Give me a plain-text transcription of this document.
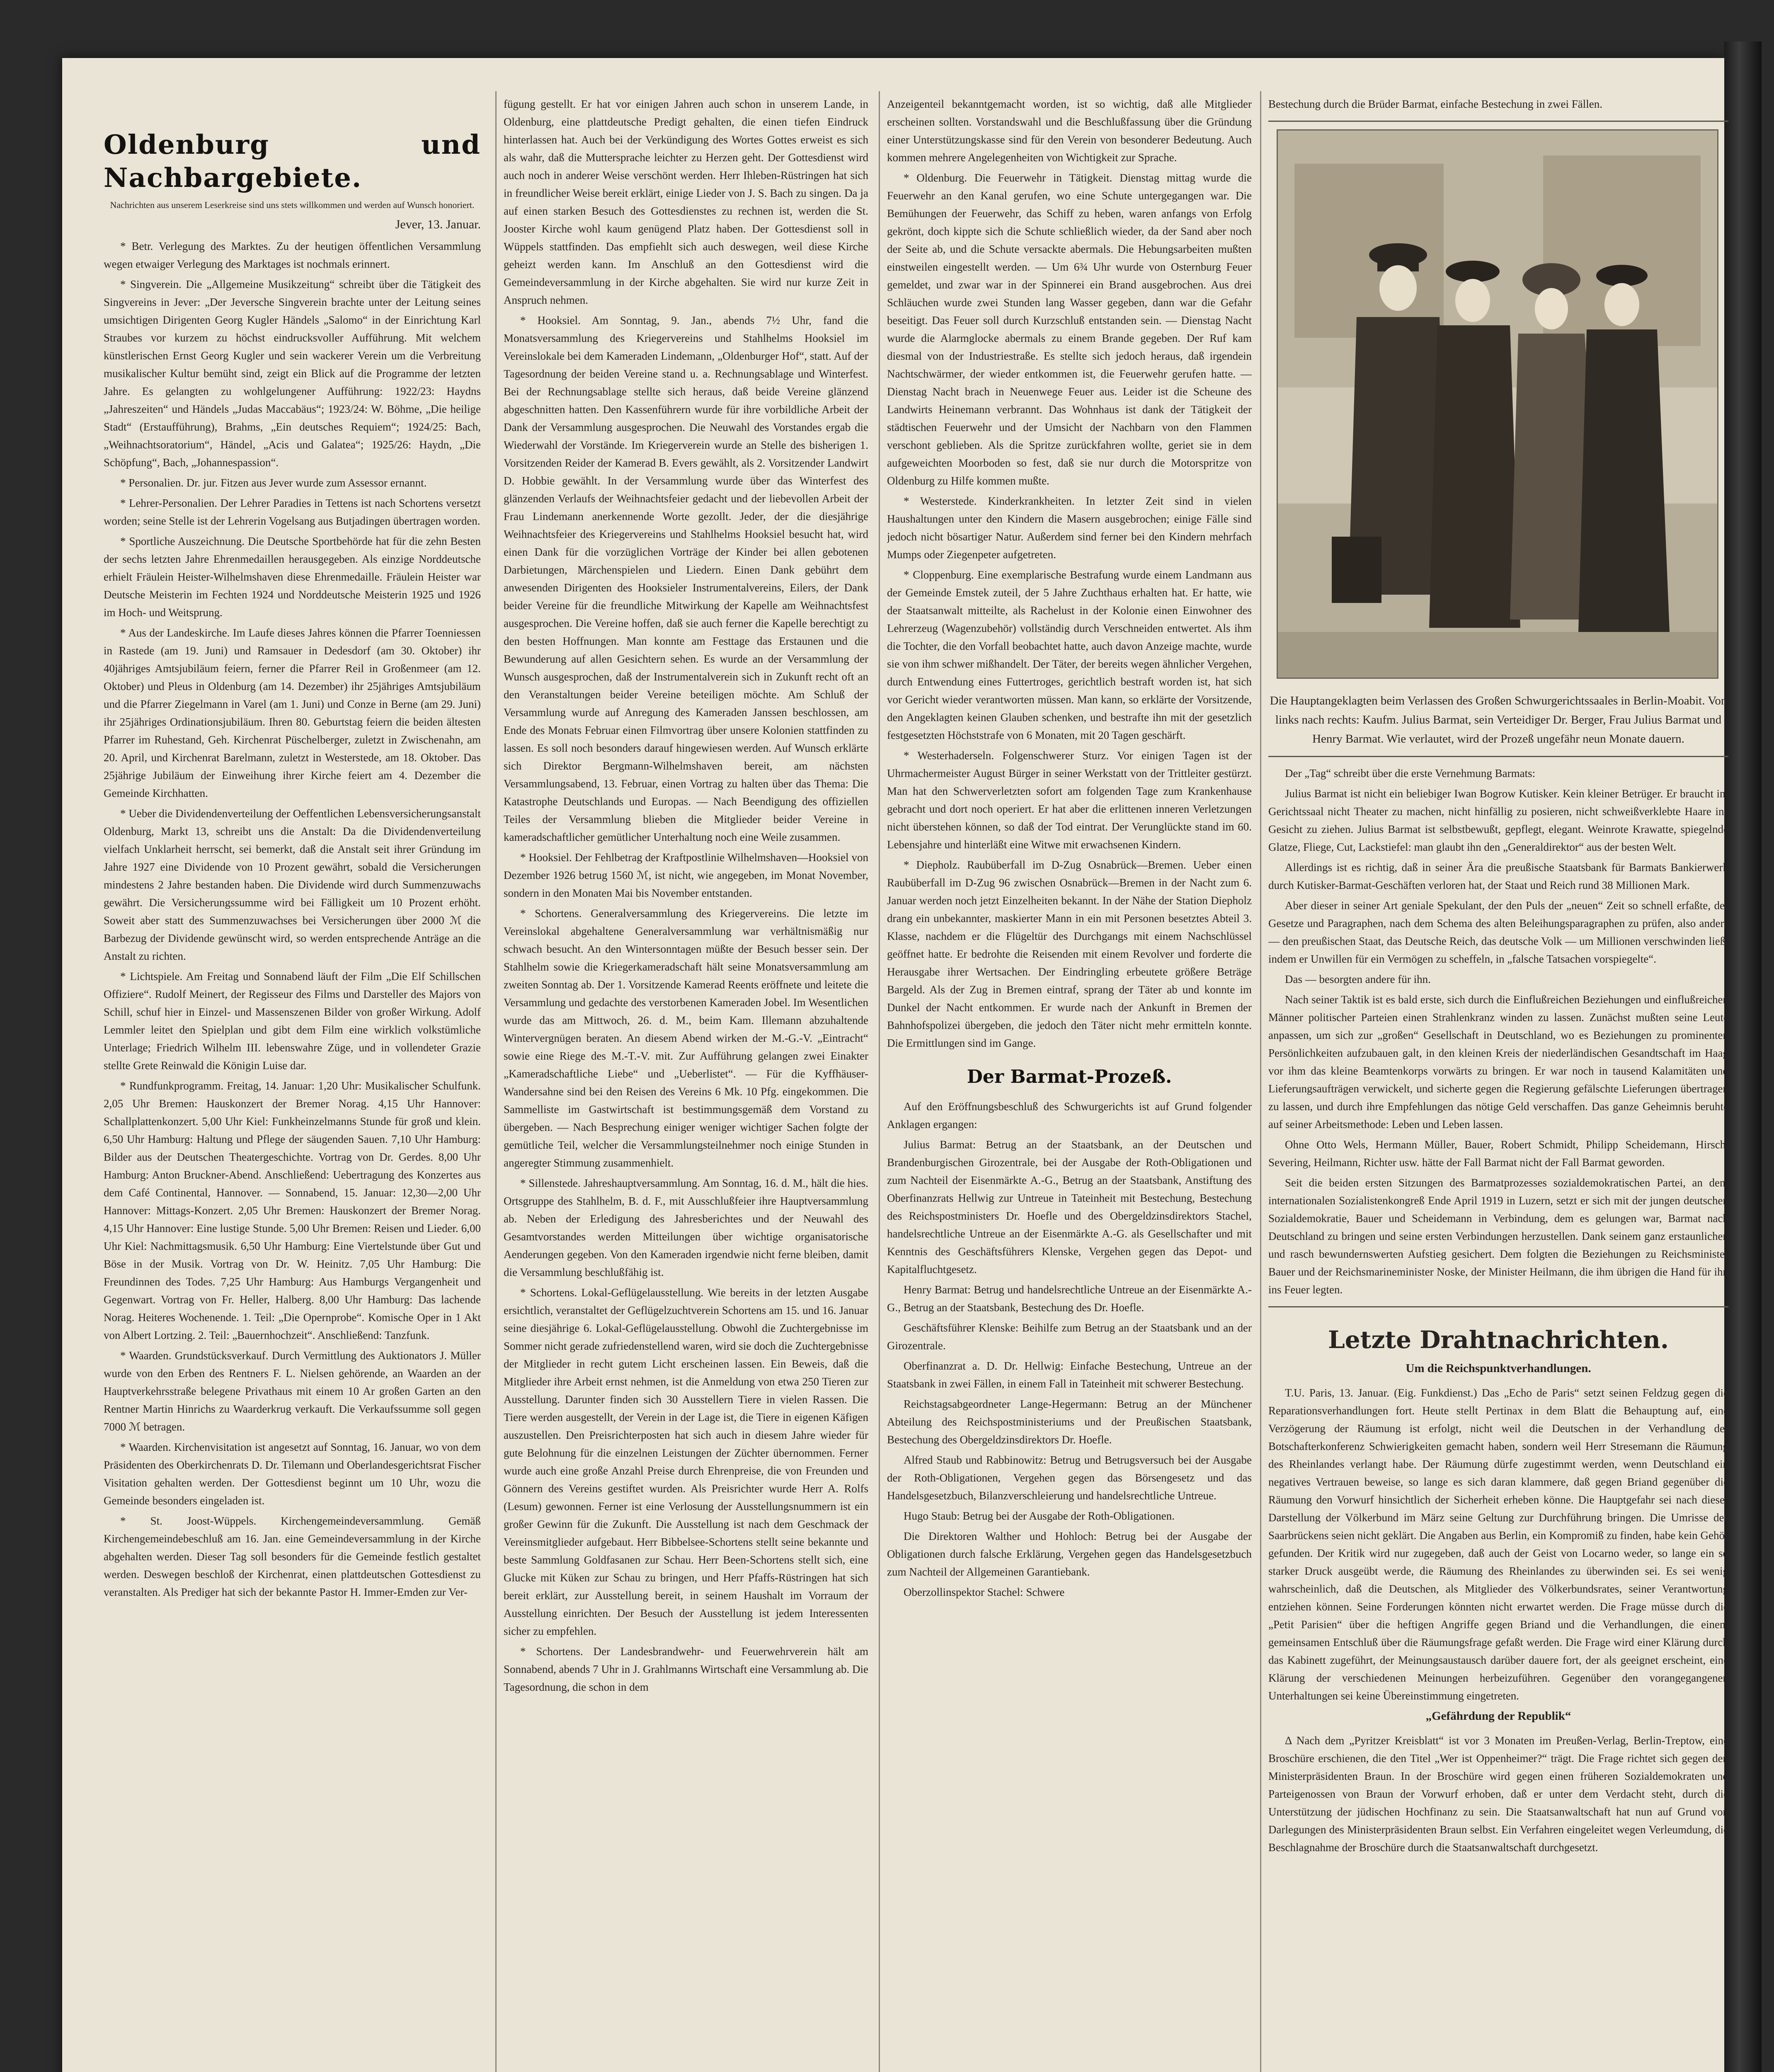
Oldenburg und Nachbargebiete.

Nachrichten aus unserem Leserkreise sind uns stets willkommen und werden auf Wunsch honoriert.

Jever, 13. Januar.

* Betr. Verlegung des Marktes. Zu der heutigen öffentlichen Versammlung wegen etwaiger Verlegung des Marktages ist nochmals erinnert.

* Singverein. Die „Allgemeine Musikzeitung“ schreibt über die Tätigkeit des Singvereins in Jever: „Der Jeversche Singverein brachte unter der Leitung seines umsichtigen Dirigenten Georg Kugler Händels „Salomo“ in der Einrichtung Karl Straubes vor kurzem zu höchst eindrucksvoller Aufführung. Mit welchem künstlerischen Ernst Georg Kugler und sein wackerer Verein um die Verbreitung musikalischer Kultur bemüht sind, zeigt ein Blick auf die Programme der letzten Jahre. Es gelangten zu wohlgelungener Aufführung: 1922/23: Haydns „Jahreszeiten“ und Händels „Judas Maccabäus“; 1923/24: W. Böhme, „Die heilige Stadt“ (Erstaufführung), Brahms, „Ein deutsches Requiem“; 1924/25: Bach, „Weihnachtsoratorium“, Händel, „Acis und Galatea“; 1925/26: Haydn, „Die Schöpfung“, Bach, „Johannespassion“.

* Personalien. Dr. jur. Fitzen aus Jever wurde zum Assessor ernannt.

* Lehrer-Personalien. Der Lehrer Paradies in Tettens ist nach Schortens versetzt worden; seine Stelle ist der Lehrerin Vogelsang aus Butjadingen übertragen worden.

* Sportliche Auszeichnung. Die Deutsche Sportbehörde hat für die zehn Besten der sechs letzten Jahre Ehrenmedaillen herausgegeben. Als einzige Norddeutsche erhielt Fräulein Heister-Wilhelmshaven diese Ehrenmedaille. Fräulein Heister war Deutsche Meisterin im Fechten 1924 und Norddeutsche Meisterin 1925 und 1926 im Hoch- und Weitsprung.

* Aus der Landeskirche. Im Laufe dieses Jahres können die Pfarrer Toenniessen in Rastede (am 19. Juni) und Ramsauer in Dedesdorf (am 30. Oktober) ihr 40jähriges Amtsjubiläum feiern, ferner die Pfarrer Reil in Großenmeer (am 12. Oktober) und Pleus in Oldenburg (am 14. Dezember) ihr 25jähriges Amtsjubiläum und die Pfarrer Ziegelmann in Varel (am 1. Juni) und Conze in Berne (am 29. Juni) ihr 25jähriges Ordinationsjubiläum. Ihren 80. Geburtstag feiern die beiden ältesten Pfarrer im Ruhestand, Geh. Kirchenrat Püschelberger, zuletzt in Zwischenahn, am 20. April, und Kirchenrat Barelmann, zuletzt in Westerstede, am 18. Oktober. Das 25jährige Jubiläum der Einweihung ihrer Kirche feiert am 4. Dezember die Gemeinde Kirchhatten.

* Ueber die Dividendenverteilung der Oeffentlichen Lebensversicherungsanstalt Oldenburg, Markt 13, schreibt uns die Anstalt: Da die Dividendenverteilung vielfach Unklarheit herrscht, sei bemerkt, daß die Anstalt seit ihrer Gründung im Jahre 1927 eine Dividende von 10 Prozent gewährt, sobald die Versicherungen mindestens 2 Jahre bestanden haben. Die Dividende wird durch Summenzuwachs gewährt. Die Versicherungssumme wird bei Fälligkeit um 10 Prozent erhöht. Soweit aber statt des Summenzuwachses bei Versicherungen über 2000 ℳ die Barbezug der Dividende gewünscht wird, so werden entsprechende Anträge an die Anstalt zu richten.

* Lichtspiele. Am Freitag und Sonnabend läuft der Film „Die Elf Schillschen Offiziere“. Rudolf Meinert, der Regisseur des Films und Darsteller des Majors von Schill, schuf hier in Einzel- und Massenszenen Bilder von großer Wirkung. Adolf Lemmler leitet den Spielplan und gibt dem Film eine wirklich volkstümliche Unterlage; Friedrich Wilhelm III. lebenswahre Züge, und in vollendeter Grazie stellte Grete Reinwald die Königin Luise dar.

* Rundfunkprogramm. Freitag, 14. Januar: 1,20 Uhr: Musikalischer Schulfunk. 2,05 Uhr Bremen: Hauskonzert der Bremer Norag. 4,15 Uhr Hannover: Schallplattenkonzert. 5,00 Uhr Kiel: Funkheinzelmanns Stunde für groß und klein. 6,50 Uhr Hamburg: Haltung und Pflege der säugenden Sauen. 7,10 Uhr Hamburg: Bilder aus der Deutschen Theatergeschichte. Vortrag von Dr. Gerdes. 8,00 Uhr Hamburg: Anton Bruckner-Abend. Anschließend: Uebertragung des Konzertes aus dem Café Continental, Hannover. — Sonnabend, 15. Januar: 12,30—2,00 Uhr Hannover: Mittags-Konzert. 2,05 Uhr Bremen: Hauskonzert der Bremer Norag. 4,15 Uhr Hannover: Eine lustige Stunde. 5,00 Uhr Bremen: Reisen und Lieder. 6,00 Uhr Kiel: Nachmittagsmusik. 6,50 Uhr Hamburg: Eine Viertelstunde über Gut und Böse in der Musik. Vortrag von Dr. W. Heinitz. 7,05 Uhr Hamburg: Die Freundinnen des Todes. 7,25 Uhr Hamburg: Aus Hamburgs Vergangenheit und Gegenwart. Vortrag von Fr. Heller, Halberg. 8,00 Uhr Hamburg: Das lachende Norag. Heiteres Wochenende. 1. Teil: „Die Opernprobe“. Komische Oper in 1 Akt von Albert Lortzing. 2. Teil: „Bauernhochzeit“. Anschließend: Tanzfunk.

* Waarden. Grundstücksverkauf. Durch Vermittlung des Auktionators J. Müller wurde von den Erben des Rentners F. L. Nielsen gehörende, an Waarden an der Hauptverkehrsstraße belegene Privathaus mit einem 10 Ar großen Garten an den Rentner Martin Hinrichs zu Waarderkrug verkauft. Die Verkaufssumme soll gegen 7000 ℳ betragen.

* Waarden. Kirchenvisitation ist angesetzt auf Sonntag, 16. Januar, wo von dem Präsidenten des Oberkirchenrats D. Dr. Tilemann und Oberlandesgerichtsrat Fischer Visitation gehalten werden. Der Gottesdienst beginnt um 10 Uhr, wozu die Gemeinde besonders eingeladen ist.

* St. Joost-Wüppels. Kirchengemeindeversammlung. Gemäß Kirchengemeindebeschluß am 16. Jan. eine Gemeindeversammlung in der Kirche abgehalten werden. Dieser Tag soll besonders für die Gemeinde festlich gestaltet werden. Deswegen beschloß der Kirchenrat, einen plattdeutschen Gottesdienst zu veranstalten. Als Prediger hat sich der bekannte Pastor H. Immer-Emden zur Ver-

fügung gestellt. Er hat vor einigen Jahren auch schon in unserem Lande, in Oldenburg, eine plattdeutsche Predigt gehalten, die einen tiefen Eindruck hinterlassen hat. Auch bei der Verkündigung des Wortes Gottes erweist es sich als wahr, daß die Muttersprache leichter zu Herzen geht. Der Gottesdienst wird auch noch in anderer Weise verschönt werden. Herr Ihleben-Rüstringen hat sich in freundlicher Weise bereit erklärt, einige Lieder von J. S. Bach zu singen. Da ja auf einen starken Besuch des Gottesdienstes zu rechnen ist, werden die St. Jooster Kirche wohl kaum genügend Platz haben. Der Gottesdienst soll in Wüppels stattfinden. Das empfiehlt sich auch deswegen, weil diese Kirche geheizt werden kann. Im Anschluß an den Gottesdienst wird die Gemeindeversammlung in der Kirche abgehalten. Sie wird nur kurze Zeit in Anspruch nehmen.

* Hooksiel. Am Sonntag, 9. Jan., abends 7½ Uhr, fand die Monatsversammlung des Kriegervereins und Stahlhelms Hooksiel im Vereinslokale bei dem Kameraden Lindemann, „Oldenburger Hof“, statt. Auf der Tagesordnung der beiden Vereine stand u. a. Rechnungsablage und Winterfest. Bei der Rechnungsablage stellte sich heraus, daß beide Vereine glänzend abgeschnitten hatten. Den Kassenführern wurde für ihre vorbildliche Arbeit der Dank der Versammlung ausgesprochen. Die Neuwahl des Vorstandes ergab die Wiederwahl der Vorstände. Im Kriegerverein wurde an Stelle des bisherigen 1. Vorsitzenden Reider der Kamerad B. Evers gewählt, als 2. Vorsitzender Landwirt D. Hobbie gewählt. In der Versammlung wurde über das Winterfest des glänzenden Verlaufs der Weihnachtsfeier gedacht und der liebevollen Arbeit der Frau Lindemann anerkennende Worte gezollt. Jeder, der die diesjährige Weihnachtsfeier des Kriegervereins und Stahlhelms Hooksiel besucht hat, wird einen Dank für die vorzüglichen Vorträge der Kinder bei allen gebotenen Darbietungen, Märchenspielen und Liedern. Einen Dank gebührt dem anwesenden Dirigenten des Hooksieler Instrumentalvereins, Eilers, der Dank beider Vereine für die freundliche Mitwirkung der Kapelle am Weihnachtsfest ausgesprochen. Die Vereine hoffen, daß sie auch ferner die Kapelle berechtigt zu den besten Hoffnungen. Man konnte am Festtage das Erstaunen und die Bewunderung auf allen Gesichtern sehen. Es wurde an der Versammlung der Wunsch ausgesprochen, daß der Instrumentalverein sich in Zukunft recht oft an den Veranstaltungen beider Vereine beteiligen möchte. Am Schluß der Versammlung wurde auf Anregung des Kameraden Janssen beschlossen, am Ende des Monats Februar einen Filmvortrag über unsere Kolonien stattfinden zu lassen. Es soll noch besonders darauf hingewiesen werden. Auf Wunsch erklärte sich Direktor Bergmann-Wilhelmshaven bereit, am nächsten Versammlungsabend, 13. Februar, einen Vortrag zu halten über das Thema: Die Katastrophe Deutschlands und Europas. — Nach Beendigung des offiziellen Teiles der Versammlung blieben die Mitglieder beider Vereine in kameradschaftlicher gemütlicher Unterhaltung noch eine Weile zusammen.

* Hooksiel. Der Fehlbetrag der Kraftpostlinie Wilhelmshaven—Hooksiel von Dezember 1926 betrug 1560 ℳ, ist nicht, wie angegeben, im Monat November, sondern in den Monaten Mai bis November entstanden.

* Schortens. Generalversammlung des Kriegervereins. Die letzte im Vereinslokal abgehaltene Generalversammlung war verhältnismäßig nur schwach besucht. An den Wintersonntagen müßte der Besuch besser sein. Der Stahlhelm sowie die Kriegerkameradschaft hält seine Monatsversammlung am zweiten Sonntag ab. Der 1. Vorsitzende Kamerad Reents eröffnete und leitete die Versammlung und gedachte des verstorbenen Kameraden Jobel. Im Wesentlichen wurde das am Mittwoch, 26. d. M., beim Kam. Illemann abzuhaltende Wintervergnügen beraten. An diesem Abend wirken der M.-G.-V. „Eintracht“ sowie eine Riege des M.-T.-V. mit. Zur Aufführung gelangen zwei Einakter „Kameradschaftliche Liebe“ und „Ueberlistet“. — Für die Kyffhäuser-Wandersahne sind bei den Reisen des Vereins 6 Mk. 10 Pfg. eingekommen. Die Sammelliste im Gastwirtschaft ist bestimmungsgemäß dem Vorstand zu übergeben. — Nach Besprechung einiger weniger wichtiger Sachen folgte der gemütliche Teil, welcher die Versammlungsteilnehmer noch einige Stunden in angeregter Stimmung zusammenhielt.

* Sillenstede. Jahreshauptversammlung. Am Sonntag, 16. d. M., hält die hies. Ortsgruppe des Stahlhelm, B. d. F., mit Ausschlußfeier ihre Hauptversammlung ab. Neben der Erledigung des Jahresberichtes und der Neuwahl des Gesamtvorstandes werden Mitteilungen über wichtige organisatorische Aenderungen gegeben. Von den Kameraden irgendwie nicht ferne bleiben, damit die Versammlung beschlußfähig ist.

* Schortens. Lokal-Geflügelausstellung. Wie bereits in der letzten Ausgabe ersichtlich, veranstaltet der Geflügelzuchtverein Schortens am 15. und 16. Januar seine diesjährige 6. Lokal-Geflügelausstellung. Obwohl die Zuchtergebnisse im Sommer nicht gerade zufriedenstellend waren, wird sie doch die Zuchtergebnisse der Mitglieder in recht gutem Licht erscheinen lassen. Ein Beweis, daß die Mitglieder ihre Arbeit ernst nehmen, ist die Anmeldung von etwa 250 Tieren zur Ausstellung. Darunter finden sich 30 Ausstellern Tiere in vielen Rassen. Die Tiere werden ausgestellt, der Verein in der Lage ist, die Tiere in eigenen Käfigen auszustellen. Den Preisrichterposten hat sich auch in diesem Jahre wieder für gute Belohnung für die einzelnen Leistungen der Züchter übernommen. Ferner wurde auch eine große Anzahl Preise durch Ehrenpreise, die von Freunden und Gönnern des Vereins gestiftet wurden. Als Preisrichter wurde Herr A. Rolfs (Lesum) gewonnen. Ferner ist eine Verlosung der Ausstellungsnummern ist ein großer Gewinn für die Zukunft. Die Ausstellung ist nach dem Geschmack der Vereinsmitglieder aufgebaut. Herr Bibbelsee-Schortens stellt seine bekannte und beste Sammlung Goldfasanen zur Schau. Herr Been-Schortens stellt sich, eine Glucke mit Küken zur Schau zu bringen, und Herr Pfaffs-Rüstringen hat sich bereit erklärt, zur Ausstellung bereit, in seinem Haushalt im Vorraum der Ausstellung einrichten. Der Besuch der Ausstellung ist jedem Interessenten sicher zu empfehlen.

* Schortens. Der Landesbrandwehr- und Feuerwehrverein hält am Sonnabend, abends 7 Uhr in J. Grahlmanns Wirtschaft eine Versammlung ab. Die Tagesordnung, die schon in dem

Anzeigenteil bekanntgemacht worden, ist so wichtig, daß alle Mitglieder erscheinen sollten. Vorstandswahl und die Beschlußfassung über die Gründung einer Unterstützungskasse sind für den Verein von besonderer Bedeutung. Auch kommen mehrere Angelegenheiten von Wichtigkeit zur Sprache.

* Oldenburg. Die Feuerwehr in Tätigkeit. Dienstag mittag wurde die Feuerwehr an den Kanal gerufen, wo eine Schute untergegangen war. Die Bemühungen der Feuerwehr, das Schiff zu heben, waren anfangs von Erfolg gekrönt, doch kippte sich die Schute schließlich wieder, da der Sand aber noch der Seite ab, und die Schute versackte abermals. Die Hebungsarbeiten mußten einstweilen eingestellt werden. — Um 6¾ Uhr wurde von Osternburg Feuer gemeldet, und zwar war in der Spinnerei ein Brand ausgebrochen. Aus drei Schläuchen wurde zwei Stunden lang Wasser gegeben, dann war die Gefahr beseitigt. Das Feuer soll durch Kurzschluß entstanden sein. — Dienstag Nacht wurde die Alarmglocke abermals zu einem Brande gegeben. Der Ruf kam diesmal von der Industriestraße. Es stellte sich jedoch heraus, daß irgendein Nachtschwärmer, der wieder entkommen ist, die Feuerwehr gerufen hatte. — Dienstag Nacht brach in Neuenwege Feuer aus. Leider ist die Scheune des Landwirts Heinemann verbrannt. Das Wohnhaus ist dank der Tätigkeit der städtischen Feuerwehr und der Umsicht der Nachbarn von den Flammen verschont geblieben. Als die Spritze zurückfahren wollte, geriet sie in dem aufgeweichten Moorboden so fest, daß sie nur durch die Motorspritze von Oldenburg zu Hilfe kommen mußte.

* Westerstede. Kinderkrankheiten. In letzter Zeit sind in vielen Haushaltungen unter den Kindern die Masern ausgebrochen; einige Fälle sind jedoch nicht bösartiger Natur. Außerdem sind ferner bei den Kindern mehrfach Mumps oder Ziegenpeter aufgetreten.

* Cloppenburg. Eine exemplarische Bestrafung wurde einem Landmann aus der Gemeinde Emstek zuteil, der 5 Jahre Zuchthaus erhalten hat. Er hatte, wie der Staatsanwalt mitteilte, als Rachelust in der Kolonie einen Einwohner des Lehrerzeug (Wagenzubehör) vollständig durch Verschneiden entwertet. Als ihm die Tochter, die den Vorfall beobachtet hatte, auch davon Anzeige machte, wurde sie von ihm schwer mißhandelt. Der Täter, der bereits wegen ähnlicher Vergehen, durch Entwendung eines Futtertroges, gerichtlich bestraft worden ist, hat sich vor Gericht wieder verantworten müssen. Man kann, so erklärte der Vorsitzende, den Angeklagten keinen Glauben schenken, und bestrafte ihn mit der gesetzlich festgesetzten Höchststrafe von 6 Monaten, mit 20 Tagen geschärft.

* Westerhaderseln. Folgenschwerer Sturz. Vor einigen Tagen ist der Uhrmachermeister August Bürger in seiner Werkstatt von der Trittleiter gestürzt. Man hat den Schwerverletzten sofort am folgenden Tage zum Krankenhause gebracht und dort noch operiert. Er hat aber die erlittenen inneren Verletzungen nicht überstehen können, so daß der Tod eintrat. Der Verunglückte stand im 60. Lebensjahre und hinterläßt eine Witwe mit erwachsenen Kindern.

* Diepholz. Raubüberfall im D-Zug Osnabrück—Bremen. Ueber einen Raubüberfall im D-Zug 96 zwischen Osnabrück—Bremen in der Nacht zum 6. Januar werden noch jetzt Einzelheiten bekannt. In der Nähe der Station Diepholz drang ein unbekannter, maskierter Mann in ein mit Personen besetztes Abteil 3. Klasse, nachdem er die Flügeltür des Durchgangs mit einem Nachschlüssel geöffnet hatte. Er bedrohte die Reisenden mit einem Revolver und forderte die Herausgabe ihrer Wertsachen. Der Eindringling erbeutete größere Beträge Bargeld. Als der Zug in Bremen eintraf, sprang der Täter ab und konnte im Dunkel der Nacht entkommen. Er wurde nach der Ankunft in Bremen der Bahnhofspolizei übergeben, die jedoch den Täter nicht mehr ermitteln konnte. Die Ermittlungen sind im Gange.

Der Barmat-Prozeß.

Auf den Eröffnungsbeschluß des Schwurgerichts ist auf Grund folgender Anklagen ergangen:

Julius Barmat: Betrug an der Staatsbank, an der Deutschen und Brandenburgischen Girozentrale, bei der Ausgabe der Roth-Obligationen und zum Nachteil der Eisenmärkte A.-G., Betrug an der Staatsbank, Anstiftung des Oberfinanzrats Hellwig zur Untreue in Tateinheit mit Bestechung, Bestechung des Reichspostministers Dr. Hoefle und des Obergeldzinsdirektors Stachel, handelsrechtliche Untreue an der Eisenmärkte A.-G. als Gesellschafter und mit Kenntnis des Geschäftsführers Klenske, Vergehen gegen das Depot- und Kapitalfluchtgesetz.

Henry Barmat: Betrug und handelsrechtliche Untreue an der Eisenmärkte A.-G., Betrug an der Staatsbank, Bestechung des Dr. Hoefle.

Geschäftsführer Klenske: Beihilfe zum Betrug an der Staatsbank und an der Girozentrale.

Oberfinanzrat a. D. Dr. Hellwig: Einfache Bestechung, Untreue an der Staatsbank in zwei Fällen, in einem Fall in Tateinheit mit schwerer Bestechung.

Reichstagsabgeordneter Lange-Hegermann: Betrug an der Münchener Abteilung des Reichspostministeriums und der Preußischen Staatsbank, Bestechung des Obergeldzinsdirektors Dr. Hoefle.

Alfred Staub und Rabbinowitz: Betrug und Betrugsversuch bei der Ausgabe der Roth-Obligationen, Vergehen gegen das Börsengesetz und das Handelsgesetzbuch, Bilanzverschleierung und handelsrechtliche Untreue.

Hugo Staub: Betrug bei der Ausgabe der Roth-Obligationen.

Die Direktoren Walther und Hohloch: Betrug bei der Ausgabe der Obligationen durch falsche Erklärung, Vergehen gegen das Handelsgesetzbuch zum Nachteil der Allgemeinen Garantiebank.

Oberzollinspektor Stachel: Schwere

Bestechung durch die Brüder Barmat, einfache Bestechung in zwei Fällen.

Die Hauptangeklagten beim Verlassen des Großen Schwurgerichtssaales in Berlin-Moabit. Von links nach rechts: Kaufm. Julius Barmat, sein Verteidiger Dr. Berger, Frau Julius Barmat und Henry Barmat. Wie verlautet, wird der Prozeß ungefähr neun Monate dauern.

Der „Tag“ schreibt über die erste Vernehmung Barmats:

Julius Barmat ist nicht ein beliebiger Iwan Bogrow Kutisker. Kein kleiner Betrüger. Er braucht im Gerichtssaal nicht Theater zu machen, nicht hinfällig zu posieren, nicht schweißverklebte Haare ins Gesicht zu ziehen. Julius Barmat ist selbstbewußt, gepflegt, elegant. Weinrote Krawatte, spiegelnde Glatze, Fliege, Cut, Lackstiefel: man glaubt ihn den „Generaldirektor“ aus der besten Welt.

Allerdings ist es richtig, daß in seiner Ära die preußische Staatsbank für Barmats Bankierwerk durch Kutisker-Barmat-Geschäften verloren hat, der Staat und Reich rund 38 Millionen Mark.

Aber dieser in seiner Art geniale Spekulant, der den Puls der „neuen“ Zeit so schnell erfaßte, der Gesetze und Paragraphen, nach dem Schema des alten Beleihungsparagraphen zu prüfen, also anders — den preußischen Staat, das Deutsche Reich, das deutsche Volk — um Millionen verschwinden ließ, indem er Unwillen für ein Vermögen zu scheffeln, in „falsche Tatsachen vorspiegelte“.

Das — besorgten andere für ihn.

Nach seiner Taktik ist es bald erste, sich durch die Einflußreichen Beziehungen und einflußreichen Männer politischer Parteien einen Strahlenkranz winden zu lassen. Zunächst mußten seine Leute anpassen, um sich zur „großen“ Gesellschaft in Deutschland, wo es Beziehungen zu prominenten Persönlichkeiten aufzubauen galt, in den kleinen Kreis der niederländischen Gesandtschaft im Haag vor ihm das kleine Beamtenkorps vorwärts zu bringen. Er war noch in tausend Kalamitäten und Lieferungsaufträgen verwickelt, und sicherte gegen die Regierung gefälschte Lieferungen übertragen zu lassen, und durch ihre Empfehlungen das nötige Geld verschaffen. Das ganze Geheimnis beruhte auf seiner Arbeitsmethode: Leben und Leben lassen.

Ohne Otto Wels, Hermann Müller, Bauer, Robert Schmidt, Philipp Scheidemann, Hirsch, Severing, Heilmann, Richter usw. hätte der Fall Barmat nicht der Fall Barmat geworden.

Seit die beiden ersten Sitzungen des Barmatprozesses sozialdemokratischen Partei, an dem internationalen Sozialistenkongreß Ende April 1919 in Luzern, setzt er sich mit der jungen deutschen Sozialdemokratie, Bauer und Scheidemann in Verbindung, dem es gelungen war, Barmat nach Deutschland zu bringen und seine ersten Verbindungen herzustellen. Dank seinem ganz erstaunlichen und rasch bewundernswerten Aufstieg gesichert. Dem folgten die Beziehungen zu Reichsminister Bauer und der Reichsmarineminister Noske, der Minister Heilmann, die ihm übrigen die Hand für ihn ins Feuer legten.

Letzte Drahtnachrichten.

Um die Reichspunktverhandlungen.

T.U. Paris, 13. Januar. (Eig. Funkdienst.) Das „Echo de Paris“ setzt seinen Feldzug gegen die Reparationsverhandlungen fort. Heute stellt Pertinax in dem Blatt die Behauptung auf, eine Verzögerung der Räumung ist erfolgt, nicht weil die Deutschen in der Verhandlung der Botschafterkonferenz Schwierigkeiten gemacht haben, sondern weil Herr Stresemann die Räumung des Rheinlandes verlangt habe. Der Räumung dürfe zugestimmt werden, wenn Deutschland ein negatives Vertrauen beweise, so lange es sich daran klammere, daß gegen Briand gegenüber die Räumung den Vorwurf hinsichtlich der Sicherheit erheben könne. Die Hauptgefahr sei nach dieser Darstellung der Völkerbund im März seine Geltung zur Durchführung bringen. Die Umrisse des Saarbrückens seien nicht geklärt. Die Angaben aus Berlin, ein Kompromiß zu finden, habe kein Gehör gefunden. Der Kritik wird nur zugegeben, daß auch der Geist von Locarno weder, so lange ein so starker Druck ausgeübt werde, die Räumung des Rheinlandes zu überwinden sei. Es sei wenig wahrscheinlich, daß die Deutschen, als Mitglieder des Völkerbundsrates, seiner Verantwortung entziehen können. Seine Forderungen könnten nicht erwartet werden. Die Frage müsse durch die „Petit Parisien“ über die heftigen Angriffe gegen Briand und die Verhandlungen, die einem gemeinsamen Entschluß über die Räumungsfrage gefaßt werden. Die Frage wird einer Klärung durch das Kabinett zugeführt, der Meinungsaustausch darüber dauere fort, der als geeignet erscheint, eine Klärung der verschiedenen Meinungen herbeizuführen. Gegenüber den vorangegangenen Unterhaltungen sei keine Übereinstimmung eingetreten.

„Gefährdung der Republik“

Δ Nach dem „Pyritzer Kreisblatt“ ist vor 3 Monaten im Preußen-Verlag, Berlin-Treptow, eine Broschüre erschienen, die den Titel „Wer ist Oppenheimer?“ trägt. Die Frage richtet sich gegen den Ministerpräsidenten Braun. In der Broschüre wird gegen einen früheren Sozialdemokraten und Parteigenossen von Braun der Vorwurf erhoben, daß er unter dem Verdacht steht, durch die Unterstützung der jüdischen Hochfinanz zu sein. Die Staatsanwaltschaft hat nun auf Grund von Darlegungen des Ministerpräsidenten Braun selbst. Ein Verfahren eingeleitet wegen Verleumdung, die Beschlagnahme der Broschüre durch die Staatsanwaltschaft durchgesetzt.
